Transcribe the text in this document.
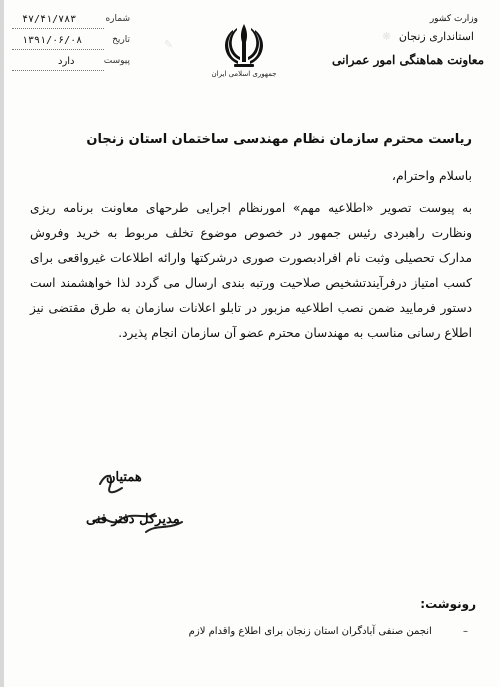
✎
❋
۴۷/۴۱/۷۸۳	شماره
۱۳۹۱/۰۶/۰۸	تاریخ
دارد	پیوست
جمهوری اسلامی ایران
وزارت کشور
استانداری زنجان
معاونت هماهنگی امور عمرانی
ریاست محترم سازمان نظام مهندسی ساختمان استان زنجان
باسلام واحترام،
به پیوست تصویر «اطلاعیه مهم» امورنظام اجرایی طرحهای معاونت برنامه ریزی ونظارت راهبردی رئیس جمهور در خصوص موضوع تخلف مربوط به خرید وفروش مدارک تحصیلی وثبت نام افرادبصورت صوری درشرکتها وارائه اطلاعات غیرواقعی برای کسب امتیاز درفرآیندتشخیص صلاحیت ورتبه بندی ارسال می گردد لذا خواهشمند است دستور فرمایید ضمن نصب اطلاعیه مزبور در تابلو اعلانات سازمان به طرق مقتضی نیز اطلاع رسانی مناسب به مهندسان محترم عضو آن سازمان انجام پذیرد.
همتیان
مدیرکل دفتر فنی
رونوشت:
– انجمن صنفی آبادگران استان زنجان برای اطلاع واقدام لازم
